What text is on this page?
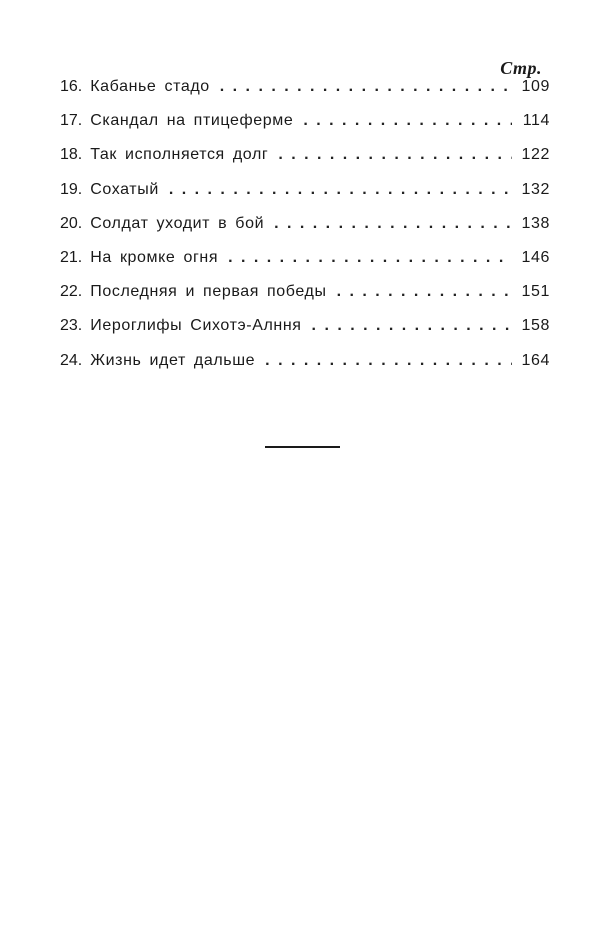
Стр.
16. Кабанье стадо . . .	109
17. Скандал на птицеферме . . .	114
18. Так исполняется долг . . .	122
19. Сохатый . . .	132
20. Солдат уходит в бой . . .	138
21. На кромке огня . . .	146
22. Последняя и первая победы . . .	151
23. Иероглифы Сихотэ-Алння . . .	158
24. Жизнь идет дальше . . .	164
